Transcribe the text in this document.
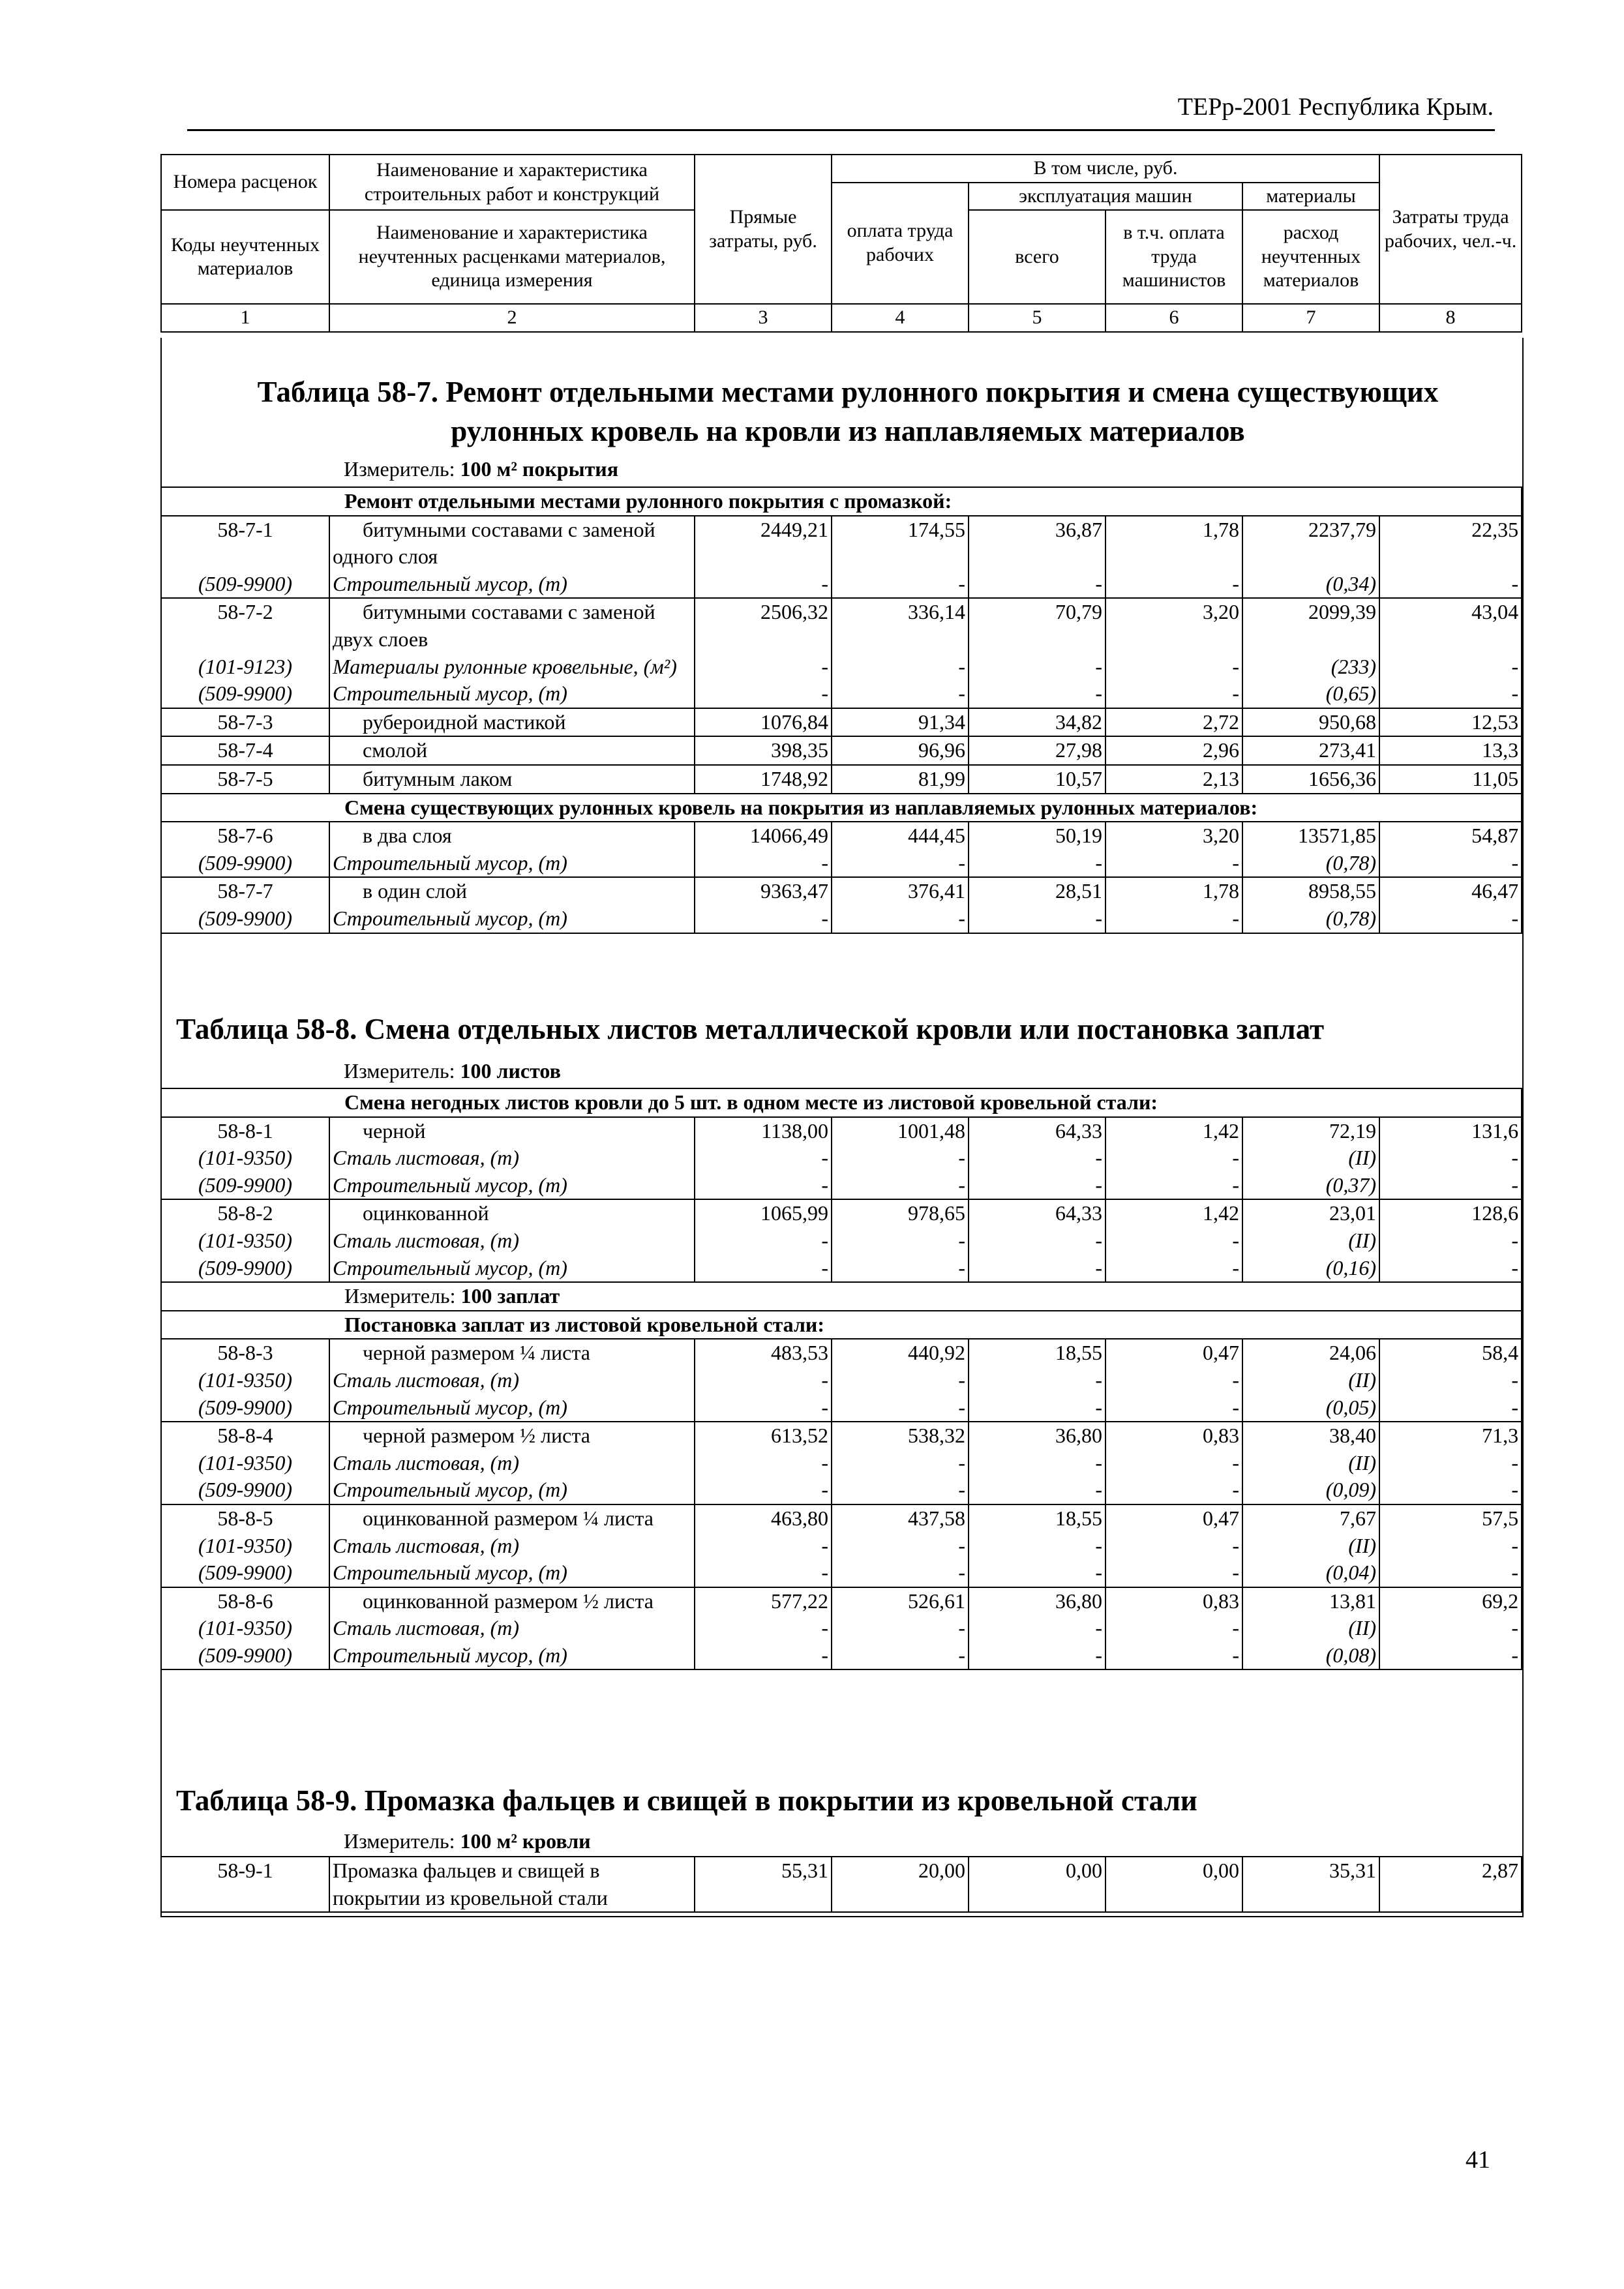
ТЕРр-2001 Республика Крым.
Номера расценок	Наименование и характеристика строительных работ и конструкций	Прямые затраты, руб.	В том числе, руб.				Затраты труда рабочих, чел.-ч.
			оплата труда рабочих	эксплуатация машин		материалы	
Коды неучтенных материалов	Наименование и характеристика неучтенных расценками материалов, единица измерения			всего	в т.ч. оплата труда машинистов	расход неучтенных материалов	

1	2	3	4	5	6	7	8
Таблица 58-7. Ремонт отдельными местами рулонного покрытия и смена существующих
рулонных кровель на кровли из наплавляемых материалов
Измеритель: 100 м² покрытия
Ремонт отдельными местами рулонного покрытия с промазкой:							
58-7-1	битумными составами с заменой одного слоя	2449,21	174,55	36,87	1,78	2237,79	22,35
(509-9900)	Строительный мусор, (т)	-	-	-	-	(0,34)	-
58-7-2	битумными составами с заменой двух слоев	2506,32	336,14	70,79	3,20	2099,39	43,04
(101-9123)	Материалы рулонные кровельные, (м²)	-	-	-	-	(233)	-
(509-9900)	Строительный мусор, (т)	-	-	-	-	(0,65)	-
58-7-3	рубероидной мастикой	1076,84	91,34	34,82	2,72	950,68	12,53
58-7-4	смолой	398,35	96,96	27,98	2,96	273,41	13,3
58-7-5	битумным лаком	1748,92	81,99	10,57	2,13	1656,36	11,05
Смена существующих рулонных кровель на покрытия из наплавляемых рулонных материалов:							
58-7-6	в два слоя	14066,49	444,45	50,19	3,20	13571,85	54,87
(509-9900)	Строительный мусор, (т)	-	-	-	-	(0,78)	-
58-7-7	в один слой	9363,47	376,41	28,51	1,78	8958,55	46,47
(509-9900)	Строительный мусор, (т)	-	-	-	-	(0,78)	-
Таблица 58-8. Смена отдельных листов металлической кровли или постановка заплат
Измеритель: 100 листов
Смена негодных листов кровли до 5 шт. в одном месте из листовой кровельной стали:							
58-8-1	черной	1138,00	1001,48	64,33	1,42	72,19	131,6
(101-9350)	Сталь листовая, (т)	-	-	-	-	(II)	-
(509-9900)	Строительный мусор, (т)	-	-	-	-	(0,37)	-
58-8-2	оцинкованной	1065,99	978,65	64,33	1,42	23,01	128,6
(101-9350)	Сталь листовая, (т)	-	-	-	-	(II)	-
(509-9900)	Строительный мусор, (т)	-	-	-	-	(0,16)	-
Измеритель: 100 заплат							
Постановка заплат из листовой кровельной стали:							
58-8-3	черной размером ¼ листа	483,53	440,92	18,55	0,47	24,06	58,4
(101-9350)	Сталь листовая, (т)	-	-	-	-	(II)	-
(509-9900)	Строительный мусор, (т)	-	-	-	-	(0,05)	-
58-8-4	черной размером ½ листа	613,52	538,32	36,80	0,83	38,40	71,3
(101-9350)	Сталь листовая, (т)	-	-	-	-	(II)	-
(509-9900)	Строительный мусор, (т)	-	-	-	-	(0,09)	-
58-8-5	оцинкованной размером ¼ листа	463,80	437,58	18,55	0,47	7,67	57,5
(101-9350)	Сталь листовая, (т)	-	-	-	-	(II)	-
(509-9900)	Строительный мусор, (т)	-	-	-	-	(0,04)	-
58-8-6	оцинкованной размером ½ листа	577,22	526,61	36,80	0,83	13,81	69,2
(101-9350)	Сталь листовая, (т)	-	-	-	-	(II)	-
(509-9900)	Строительный мусор, (т)	-	-	-	-	(0,08)	-
Таблица 58-9. Промазка фальцев и свищей в покрытии из кровельной стали
Измеритель: 100 м² кровли
58-9-1	Промазка фальцев и свищей в покрытии из кровельной стали	55,31	20,00	0,00	0,00	35,31	2,87
41
